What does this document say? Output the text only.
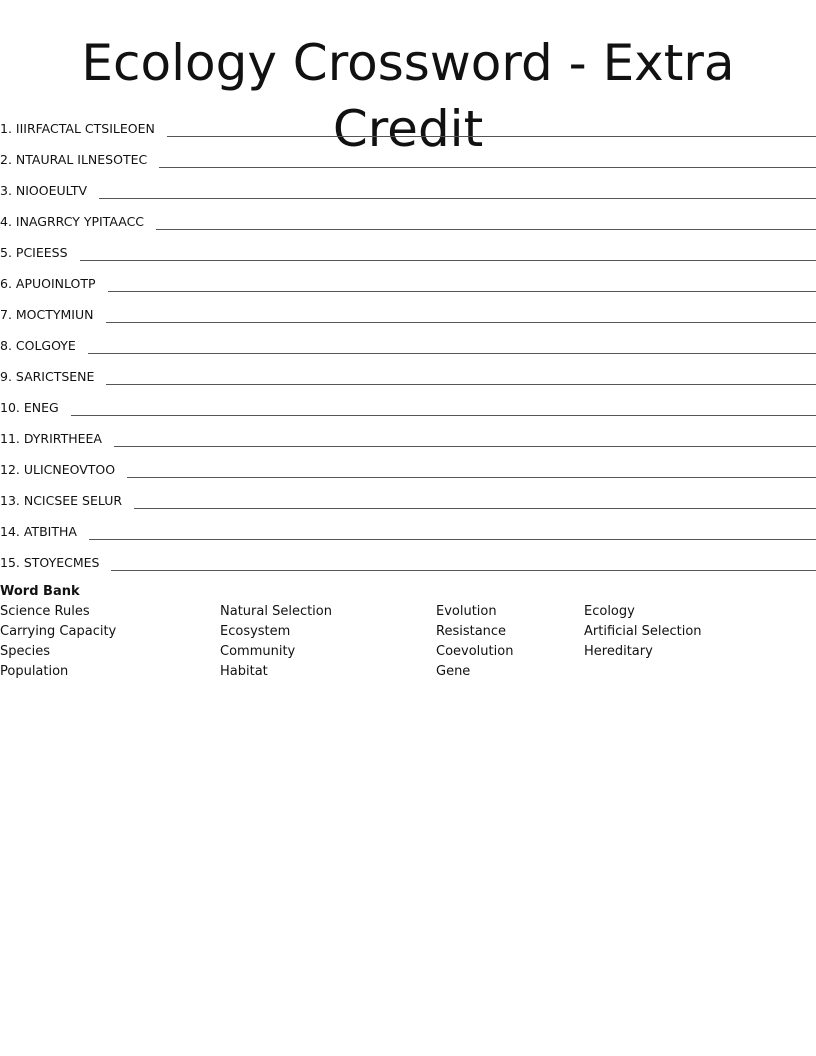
Ecology Crossword - Extra Credit
1. IIIRFACTAL CTSILEOEN
2. NTAURAL ILNESOTEC
3. NIOOEULTV
4. INAGRRCY YPITAACC
5. PCIEESS
6. APUOINLOTP
7. MOCTYMIUN
8. COLGOYE
9. SARICTSENE
10. ENEG
11. DYRIRTHEEA
12. ULICNEOVTOO
13. NCICSEE SELUR
14. ATBITHA
15. STOYECMES
Word Bank
Science Rules
Carrying Capacity
Species
Population
Natural Selection
Ecosystem
Community
Habitat
Evolution
Resistance
Coevolution
Gene
Ecology
Artificial Selection
Hereditary
